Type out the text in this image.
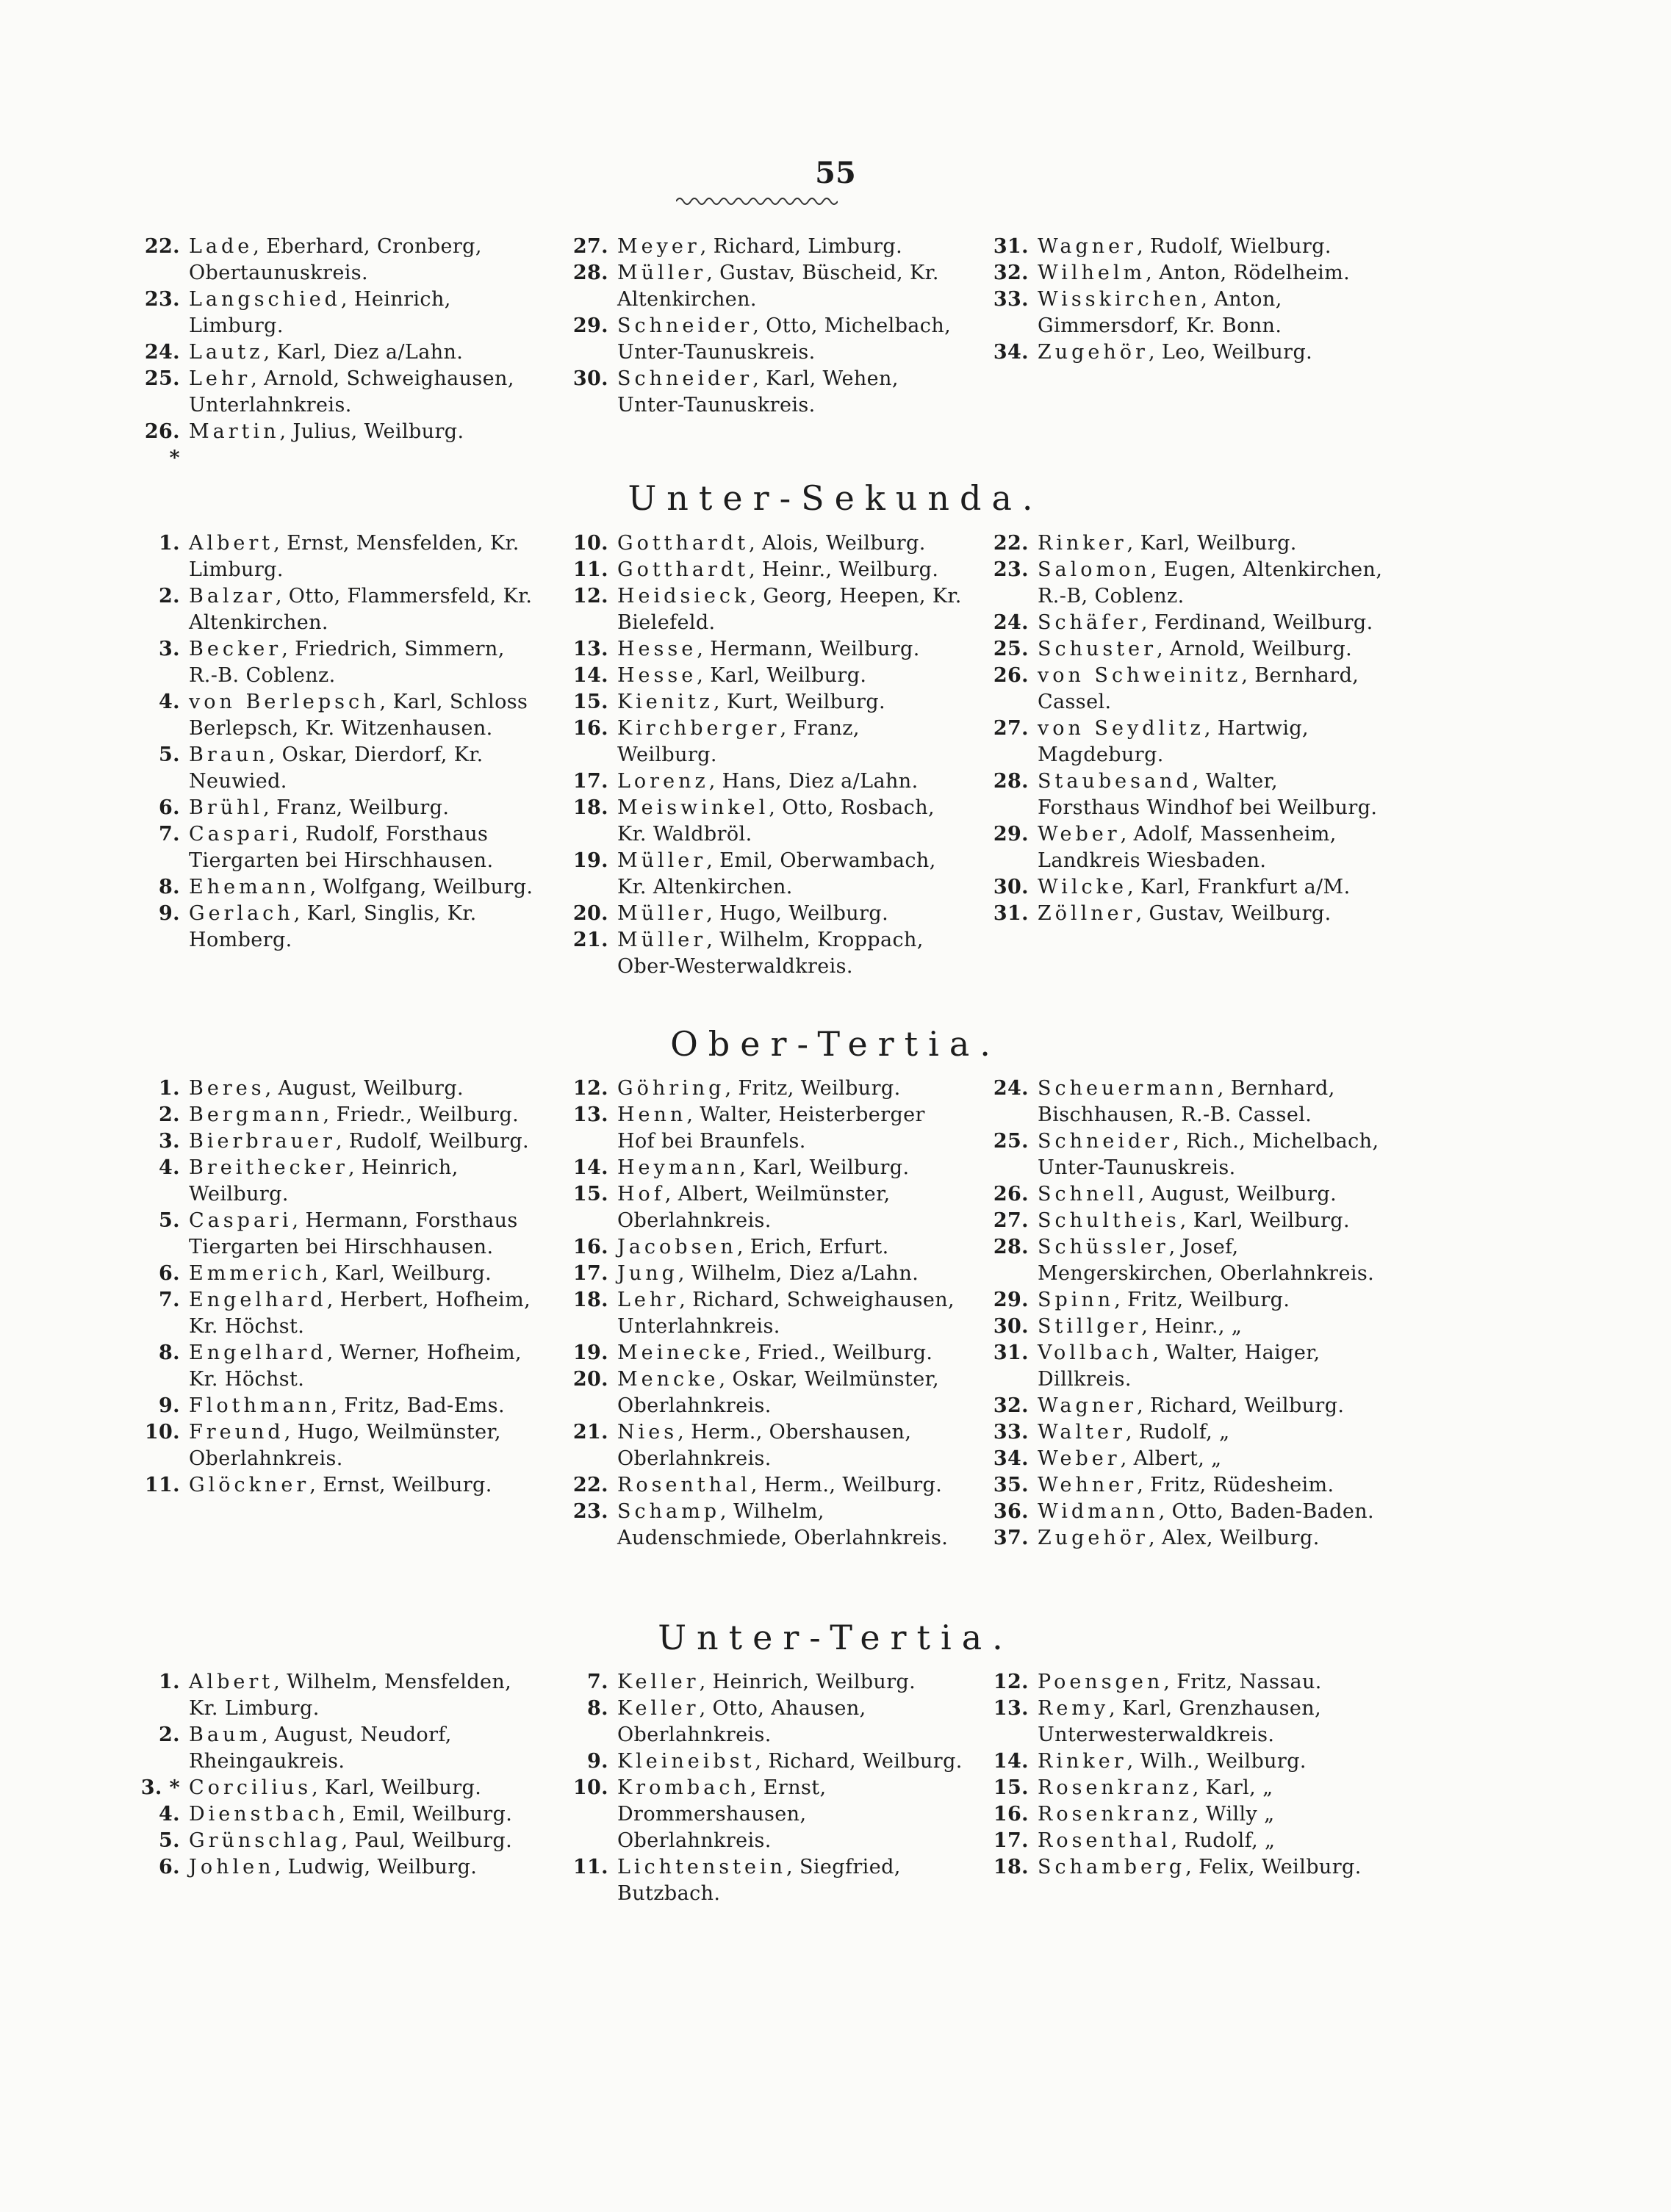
55
22. Lade, Eberhard, Cronberg, Obertaunuskreis.
23. Langschied, Heinrich, Limburg.
24. Lautz, Karl, Diez a/Lahn.
25. Lehr, Arnold, Schweighausen, Unterlahnkreis.
26. *
Martin, Julius, Weilburg.
27. Meyer, Richard, Limburg.
28. Müller, Gustav, Büscheid, Kr. Altenkirchen.
29. Schneider, Otto, Michelbach, Unter-Taunuskreis.
30. Schneider, Karl, Wehen, Unter-Taunuskreis.
31. Wagner, Rudolf, Wielburg.
32. Wilhelm, Anton, Rödelheim.
33. Wisskirchen, Anton, Gimmersdorf, Kr. Bonn.
34. Zugehör, Leo, Weilburg.
Unter-Sekunda.
1. Albert, Ernst, Mensfelden, Kr. Limburg.
2. Balzar, Otto, Flammersfeld, Kr. Altenkirchen.
3. Becker, Friedrich, Simmern, R.-B. Coblenz.
4. von Berlepsch, Karl, Schloss Berlepsch, Kr. Witzenhausen.
5. Braun, Oskar, Dierdorf, Kr. Neuwied.
6. Brühl, Franz, Weilburg.
7. Caspari, Rudolf, Forsthaus Tiergarten bei Hirschhausen.
8. Ehemann, Wolfgang, Weilburg.
9. Gerlach, Karl, Singlis, Kr. Homberg.
10. Gotthardt, Alois, Weilburg.
11. Gotthardt, Heinr., Weilburg.
12. Heidsieck, Georg, Heepen, Kr. Bielefeld.
13. Hesse, Hermann, Weilburg.
14. Hesse, Karl, Weilburg.
15. Kienitz, Kurt, Weilburg.
16. Kirchberger, Franz, Weilburg.
17. Lorenz, Hans, Diez a/Lahn.
18. Meiswinkel, Otto, Rosbach, Kr. Waldbröl.
19. Müller, Emil, Oberwambach, Kr. Altenkirchen.
20. Müller, Hugo, Weilburg.
21. Müller, Wilhelm, Kroppach, Ober-Westerwaldkreis.
22. Rinker, Karl, Weilburg.
23. Salomon, Eugen, Altenkirchen, R.-B, Coblenz.
24. Schäfer, Ferdinand, Weilburg.
25. Schuster, Arnold, Weilburg.
26. von Schweinitz, Bernhard, Cassel.
27. von Seydlitz, Hartwig, Magdeburg.
28. Staubesand, Walter, Forsthaus Windhof bei Weilburg.
29. Weber, Adolf, Massenheim, Landkreis Wiesbaden.
30. Wilcke, Karl, Frankfurt a/M.
31. Zöllner, Gustav, Weilburg.
Ober-Tertia.
1. Beres, August, Weilburg.
2. Bergmann, Friedr., Weilburg.
3. Bierbrauer, Rudolf, Weilburg.
4. Breithecker, Heinrich, Weilburg.
5. Caspari, Hermann, Forsthaus Tiergarten bei Hirschhausen.
6. Emmerich, Karl, Weilburg.
7. Engelhard, Herbert, Hofheim, Kr. Höchst.
8. Engelhard, Werner, Hofheim, Kr. Höchst.
9. Flothmann, Fritz, Bad-Ems.
10. Freund, Hugo, Weilmünster, Oberlahnkreis.
11. Glöckner, Ernst, Weilburg.
12. Göhring, Fritz, Weilburg.
13. Henn, Walter, Heisterberger Hof bei Braunfels.
14. Heymann, Karl, Weilburg.
15. Hof, Albert, Weilmünster, Oberlahnkreis.
16. Jacobsen, Erich, Erfurt.
17. Jung, Wilhelm, Diez a/Lahn.
18. Lehr, Richard, Schweighausen, Unterlahnkreis.
19. Meinecke, Fried., Weilburg.
20. Mencke, Oskar, Weilmünster, Oberlahnkreis.
21. Nies, Herm., Obershausen, Oberlahnkreis.
22. Rosenthal, Herm., Weilburg.
23. Schamp, Wilhelm, Audenschmiede, Oberlahnkreis.
24. Scheuermann, Bernhard, Bischhausen, R.-B. Cassel.
25. Schneider, Rich., Michelbach, Unter-Taunuskreis.
26. Schnell, August, Weilburg.
27. Schultheis, Karl, Weilburg.
28. Schüssler, Josef, Mengerskirchen, Oberlahnkreis.
29. Spinn, Fritz, Weilburg.
30. Stillger, Heinr., „
31. Vollbach, Walter, Haiger, Dillkreis.
32. Wagner, Richard, Weilburg.
33. Walter, Rudolf, „
34. Weber, Albert, „
35. Wehner, Fritz, Rüdesheim.
36. Widmann, Otto, Baden-Baden.
37. Zugehör, Alex, Weilburg.
Unter-Tertia.
1. Albert, Wilhelm, Mensfelden, Kr. Limburg.
2. Baum, August, Neudorf, Rheingaukreis.
3. * Corcilius, Karl, Weilburg.
4. Dienstbach, Emil, Weilburg.
5. Grünschlag, Paul, Weilburg.
6. Johlen, Ludwig, Weilburg.
7. Keller, Heinrich, Weilburg.
8. Keller, Otto, Ahausen, Oberlahnkreis.
9. Kleineibst, Richard, Weilburg.
10. Krombach, Ernst, Drommershausen, Oberlahnkreis.
11. Lichtenstein, Siegfried, Butzbach.
12. Poensgen, Fritz, Nassau.
13. Remy, Karl, Grenzhausen, Unterwesterwaldkreis.
14. Rinker, Wilh., Weilburg.
15. Rosenkranz, Karl, „
16. Rosenkranz, Willy „
17. Rosenthal, Rudolf, „
18. Schamberg, Felix, Weilburg.
